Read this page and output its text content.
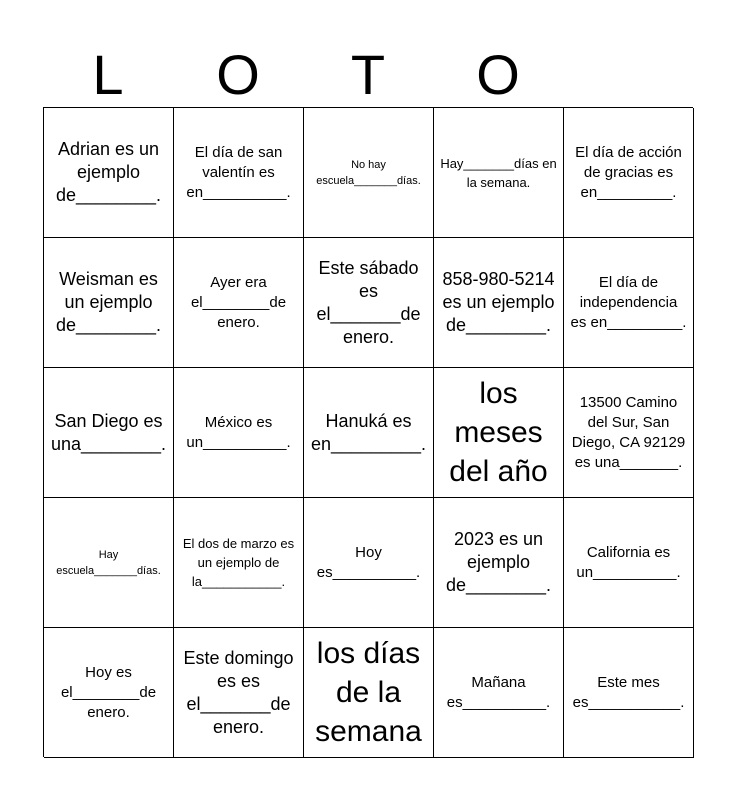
L	O	T	O
Adrian es un ejemplo de________.
El día de san valentín es en__________.
No hay escuela_______días.
Hay_______días en la semana.
El día de acción de gracias es en_________.
Weisman es un ejemplo de________.
Ayer era el________de enero.
Este sábado es el_______de enero.
858-980-5214 es un ejemplo de________.
El día de independencia es en_________.
San Diego es una________.
México es un__________.
Hanuká es en_________.
los meses del año
13500 Camino del Sur, San Diego, CA 92129 es una_______.
Hay escuela_______días.
El dos de marzo es un ejemplo de la___________.
Hoy es__________.
2023 es un ejemplo de________.
California es un__________.
Hoy es el________de enero.
Este domingo es es el_______de enero.
los días de la semana
Mañana es__________.
Este mes es___________.
